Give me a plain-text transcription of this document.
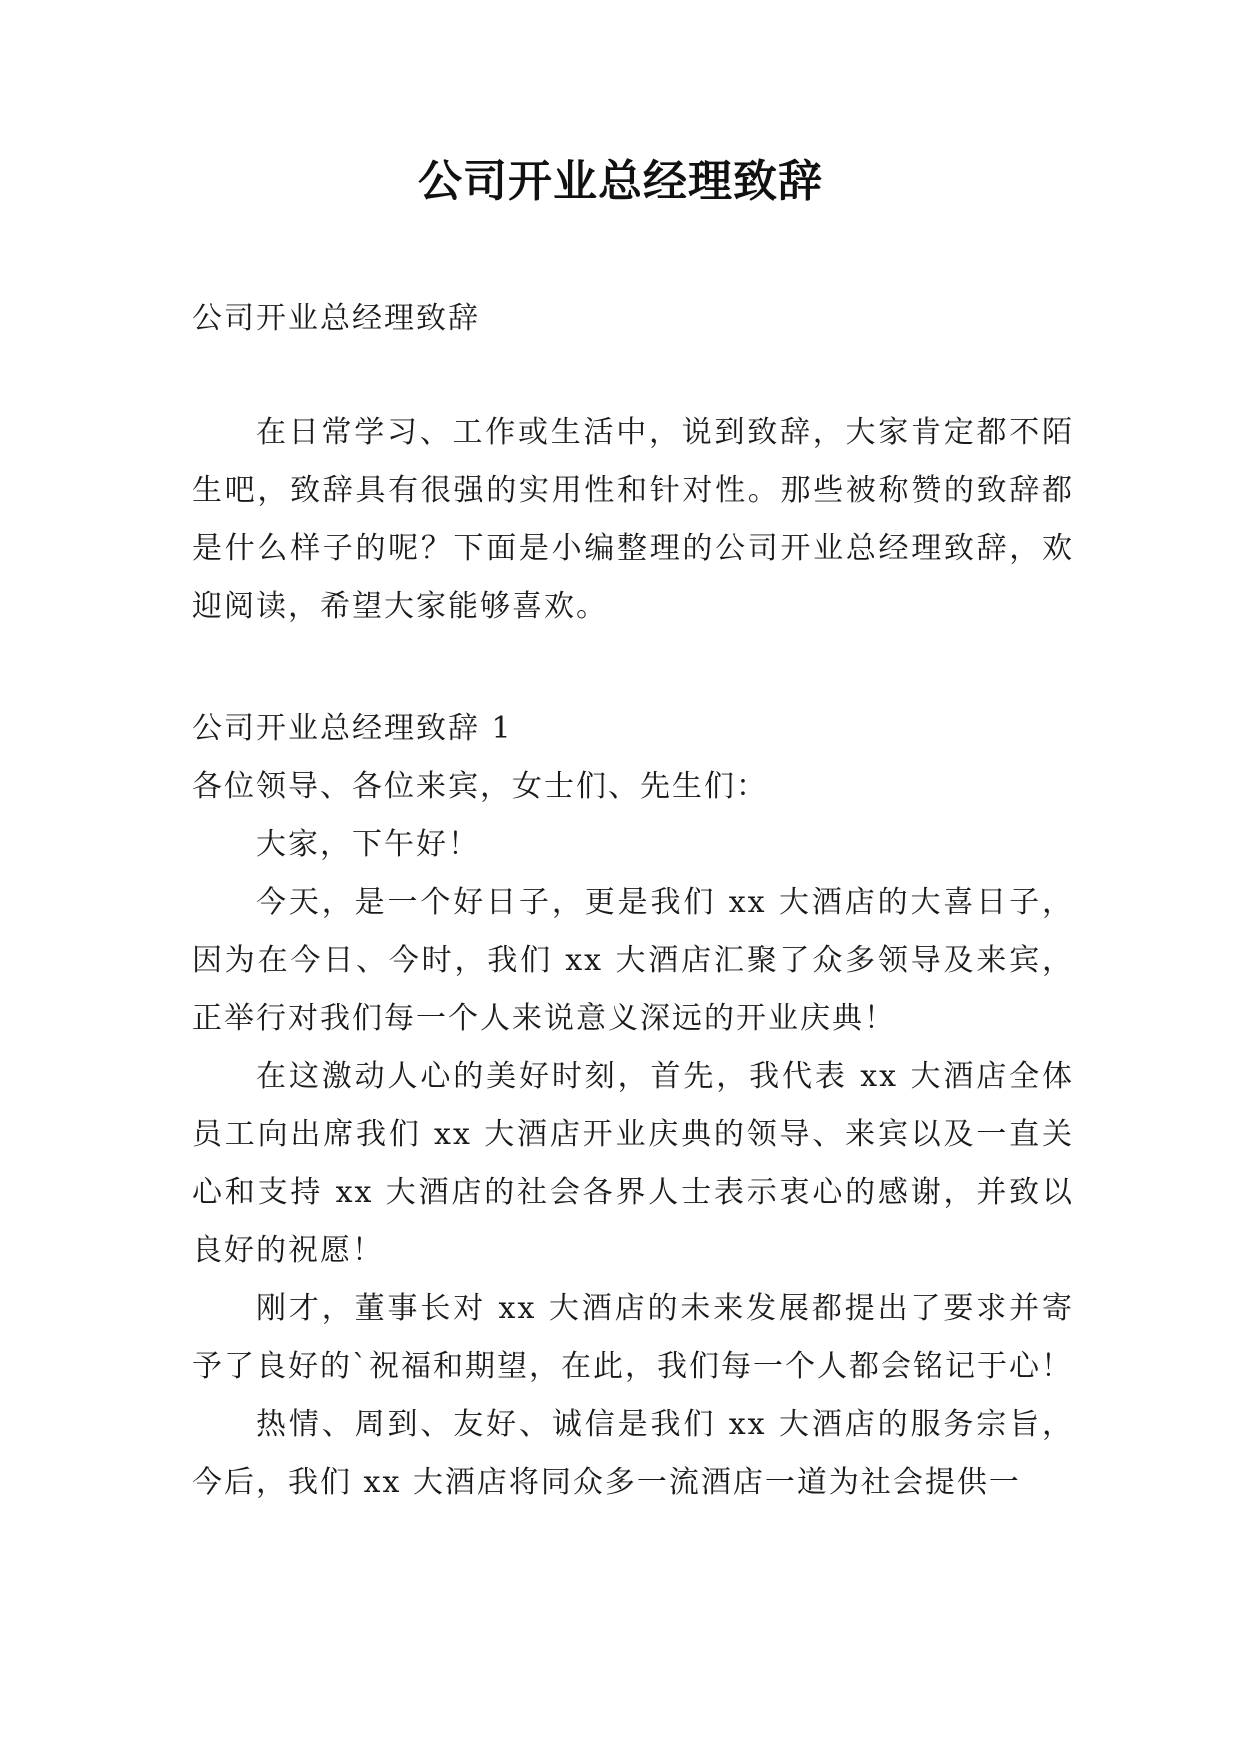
公司开业总经理致辞

公司开业总经理致辞

在日常学习、工作或生活中，说到致辞，大家肯定都不陌生吧，致辞具有很强的实用性和针对性。那些被称赞的致辞都是什么样子的呢？下面是小编整理的公司开业总经理致辞，欢迎阅读，希望大家能够喜欢。

公司开业总经理致辞 1

各位领导、各位来宾，女士们、先生们：

大家，下午好！

今天，是一个好日子，更是我们 xx 大酒店的大喜日子，因为在今日、今时，我们 xx 大酒店汇聚了众多领导及来宾，正举行对我们每一个人来说意义深远的开业庆典！

在这激动人心的美好时刻，首先，我代表 xx 大酒店全体员工向出席我们 xx 大酒店开业庆典的领导、来宾以及一直关心和支持 xx 大酒店的社会各界人士表示衷心的感谢，并致以良好的祝愿！

刚才，董事长对 xx 大酒店的未来发展都提出了要求并寄予了良好的`祝福和期望，在此，我们每一个人都会铭记于心！

热情、周到、友好、诚信是我们 xx 大酒店的服务宗旨，今后，我们 xx 大酒店将同众多一流酒店一道为社会提供一
